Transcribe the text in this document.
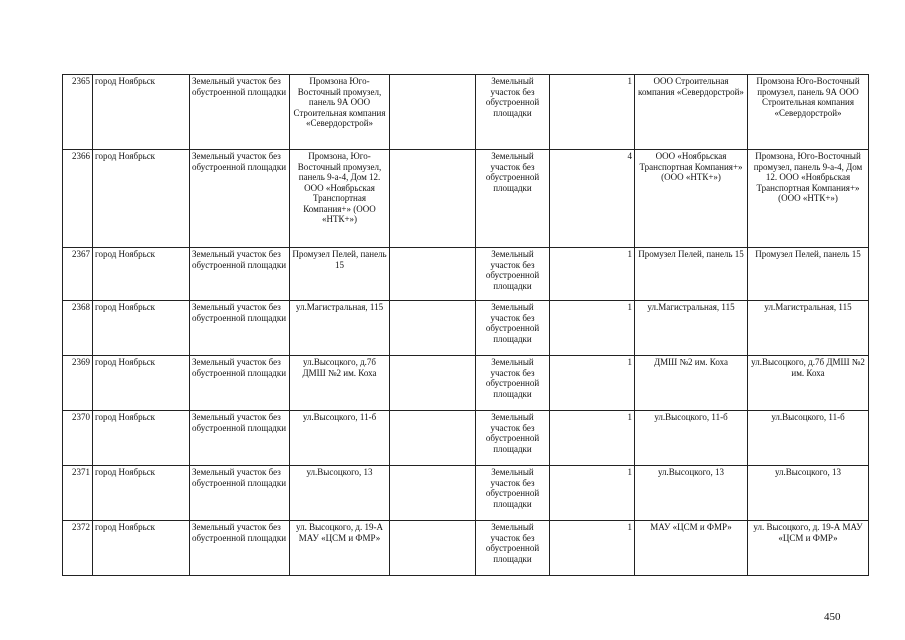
2365	город Ноябрьск	Земельный участок без обустроенной площадки	Промзона Юго-Восточный промузел, панель 9А ООО Строительная компания «Севердорстрой»		Земельный участок без обустроенной площадки	1	ООО Строительная компания «Севердорстрой»	Промзона Юго-Восточный промузел, панель 9А ООО Строительная компания «Севердорстрой»
2366	город Ноябрьск	Земельный участок без обустроенной площадки	Промзона, Юго-Восточный промузел, панель 9-а-4, Дом 12. ООО «Ноябрьская Транспортная Компания+» (ООО «НТК+»)		Земельный участок без обустроенной площадки	4	ООО «Ноябрьская Транспортная Компания+» (ООО «НТК+»)	Промзона, Юго-Восточный промузел, панель 9-а-4, Дом 12. ООО «Ноябрьская Транспортная Компания+» (ООО «НТК+»)
2367	город Ноябрьск	Земельный участок без обустроенной площадки	Промузел Пелей, панель 15		Земельный участок без обустроенной площадки	1	Промузел Пелей, панель 15	Промузел Пелей, панель 15
2368	город Ноябрьск	Земельный участок без обустроенной площадки	ул.Магистральная, 115		Земельный участок без обустроенной площадки	1	ул.Магистральная, 115	ул.Магистральная, 115
2369	город Ноябрьск	Земельный участок без обустроенной площадки	ул.Высоцкого, д.7б ДМШ №2 им. Коха		Земельный участок без обустроенной площадки	1	ДМШ №2 им. Коха	ул.Высоцкого, д.7б ДМШ №2 им. Коха
2370	город Ноябрьск	Земельный участок без обустроенной площадки	ул.Высоцкого, 11-б		Земельный участок без обустроенной площадки	1	ул.Высоцкого, 11-б	ул.Высоцкого, 11-б
2371	город Ноябрьск	Земельный участок без обустроенной площадки	ул.Высоцкого, 13		Земельный участок без обустроенной площадки	1	ул.Высоцкого, 13	ул.Высоцкого, 13
2372	город Ноябрьск	Земельный участок без обустроенной площадки	ул. Высоцкого, д. 19-А МАУ «ЦСМ и ФМР»		Земельный участок без обустроенной площадки	1	МАУ «ЦСМ и ФМР»	ул. Высоцкого, д. 19-А МАУ «ЦСМ и ФМР»
450
